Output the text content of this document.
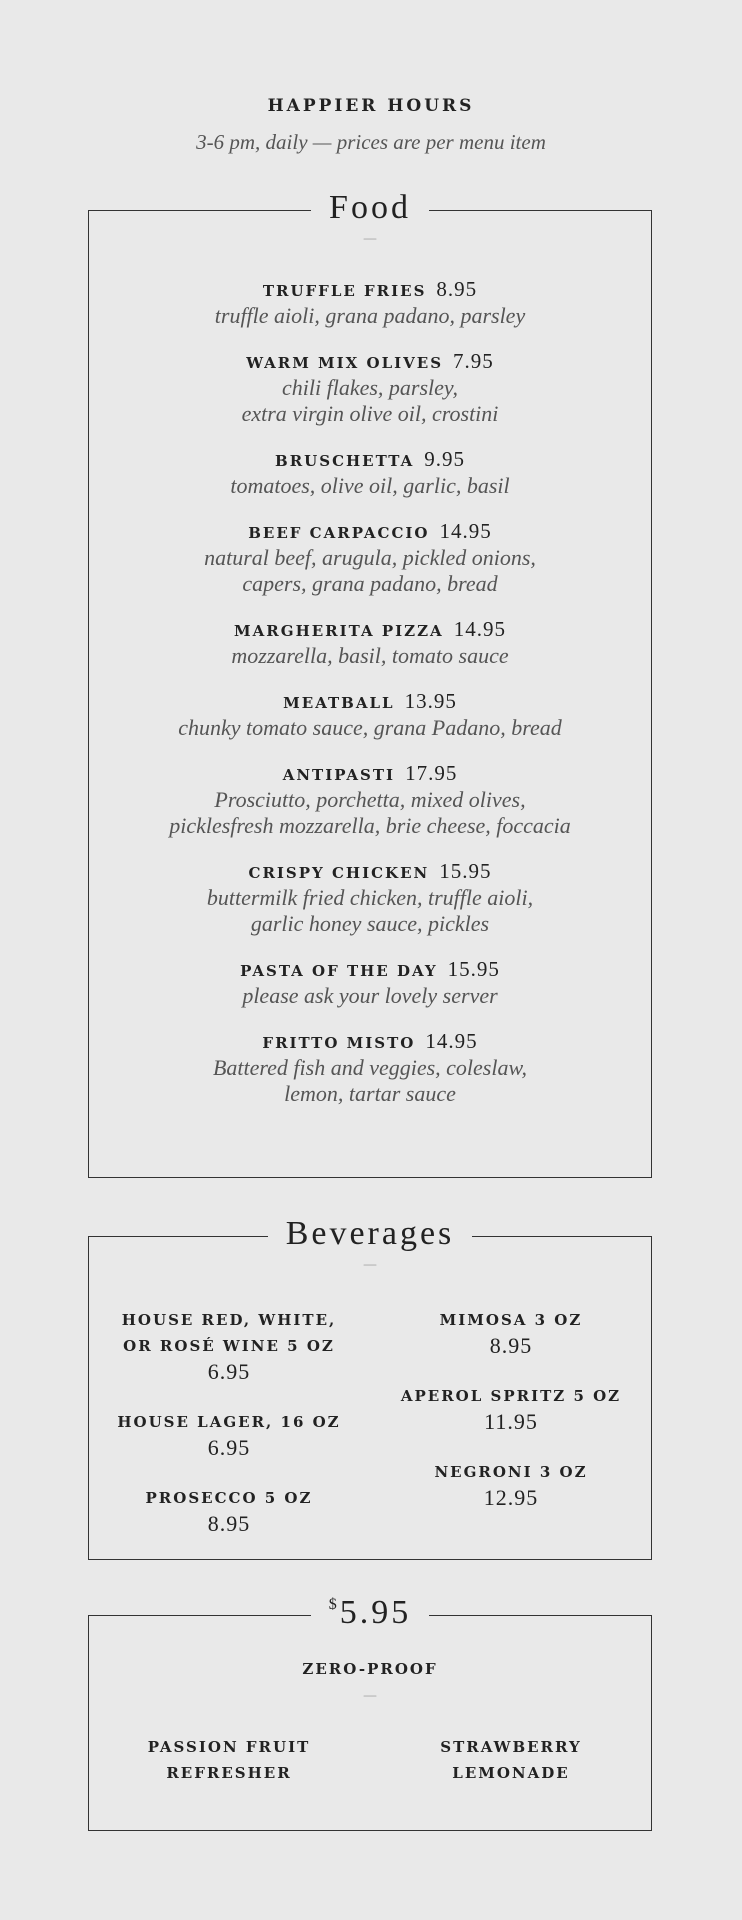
HAPPIER HOURS
3-6 pm, daily — prices are per menu item
Food
—
TRUFFLE FRIES 8.95
truffle aioli, grana padano, parsley
WARM MIX OLIVES 7.95
chili flakes, parsley,
extra virgin olive oil, crostini
BRUSCHETTA 9.95
tomatoes, olive oil, garlic, basil
BEEF CARPACCIO 14.95
natural beef, arugula, pickled onions,
capers, grana padano, bread
MARGHERITA PIZZA 14.95
mozzarella, basil, tomato sauce
MEATBALL 13.95
chunky tomato sauce, grana Padano, bread
ANTIPASTI 17.95
Prosciutto, porchetta, mixed olives,
picklesfresh mozzarella, brie cheese, foccacia
CRISPY CHICKEN 15.95
buttermilk fried chicken, truffle aioli,
garlic honey sauce, pickles
PASTA OF THE DAY 15.95
please ask your lovely server
FRITTO MISTO 14.95
Battered fish and veggies, coleslaw,
lemon, tartar sauce
Beverages
—
HOUSE RED, WHITE,
OR ROSÉ WINE 5 OZ
6.95
HOUSE LAGER, 16 OZ
6.95
PROSECCO 5 OZ
8.95
MIMOSA 3 OZ
8.95
APEROL SPRITZ 5 OZ
11.95
NEGRONI 3 OZ
12.95
$5.95
ZERO-PROOF
—
PASSION FRUIT
REFRESHER
STRAWBERRY
LEMONADE
